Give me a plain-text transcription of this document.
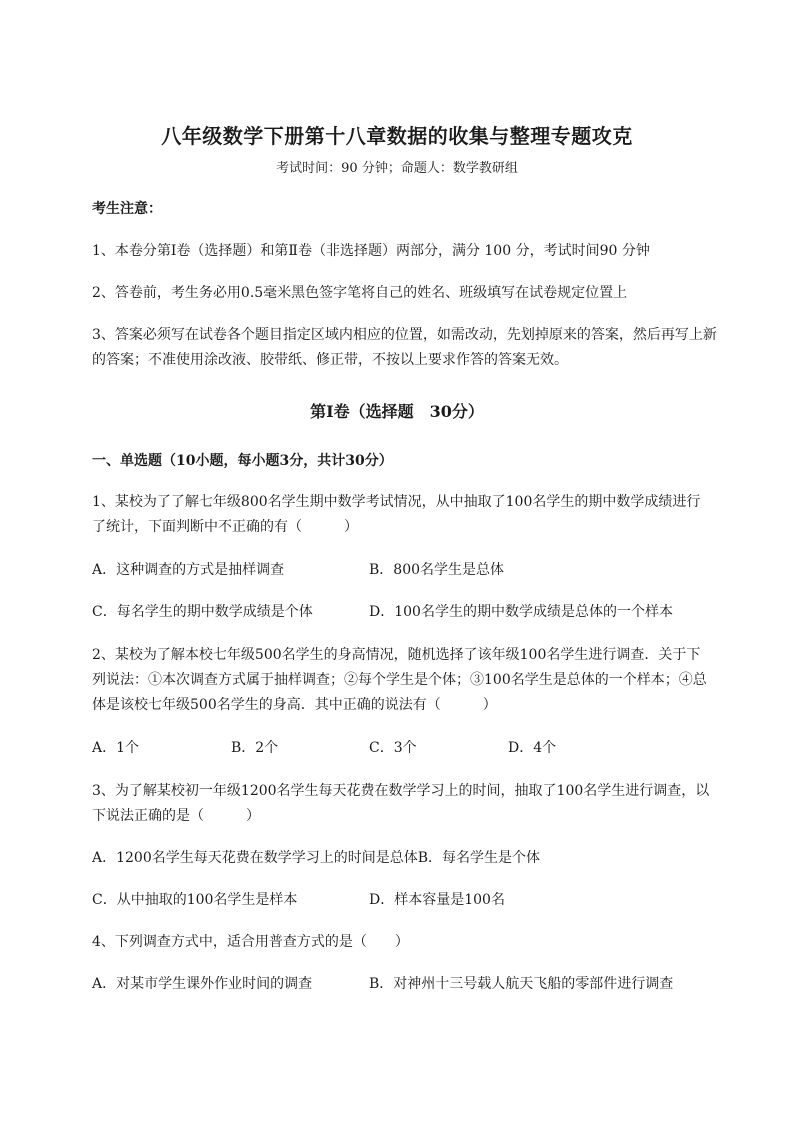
八年级数学下册第十八章数据的收集与整理专题攻克
考试时间：90 分钟；命题人：数学教研组
考生注意：
1、本卷分第Ⅰ卷（选择题）和第Ⅱ卷（非选择题）两部分，满分 100 分，考试时间90 分钟
2、答卷前，考生务必用0.5毫米黑色签字笔将自己的姓名、班级填写在试卷规定位置上
3、答案必须写在试卷各个题目指定区域内相应的位置，如需改动，先划掉原来的答案，然后再写上新
的答案；不准使用涂改液、胶带纸、修正带，不按以上要求作答的答案无效。
第Ⅰ卷（选择题　30分）
一、单选题（10小题，每小题3分，共计30分）
1、某校为了了解七年级800名学生期中数学考试情况，从中抽取了100名学生的期中数学成绩进行
了统计，下面判断中不正确的有（　　　）
A．这种调查的方式是抽样调查	B．800名学生是总体
C．每名学生的期中数学成绩是个体	D．100名学生的期中数学成绩是总体的一个样本
2、某校为了解本校七年级500名学生的身高情况，随机选择了该年级100名学生进行调查．关于下
列说法：①本次调查方式属于抽样调查；②每个学生是个体；③100名学生是总体的一个样本；④总
体是该校七年级500名学生的身高．其中正确的说法有（　　　）
A．1个	B．2个	C．3个	D．4个
3、为了解某校初一年级1200名学生每天花费在数学学习上的时间，抽取了100名学生进行调查，以
下说法正确的是（　　　）
A．1200名学生每天花费在数学学习上的时间是总体B．每名学生是个体
C．从中抽取的100名学生是样本	D．样本容量是100名
4、下列调查方式中，适合用普查方式的是（　　）
A．对某市学生课外作业时间的调查	B．对神州十三号载人航天飞船的零部件进行调查
